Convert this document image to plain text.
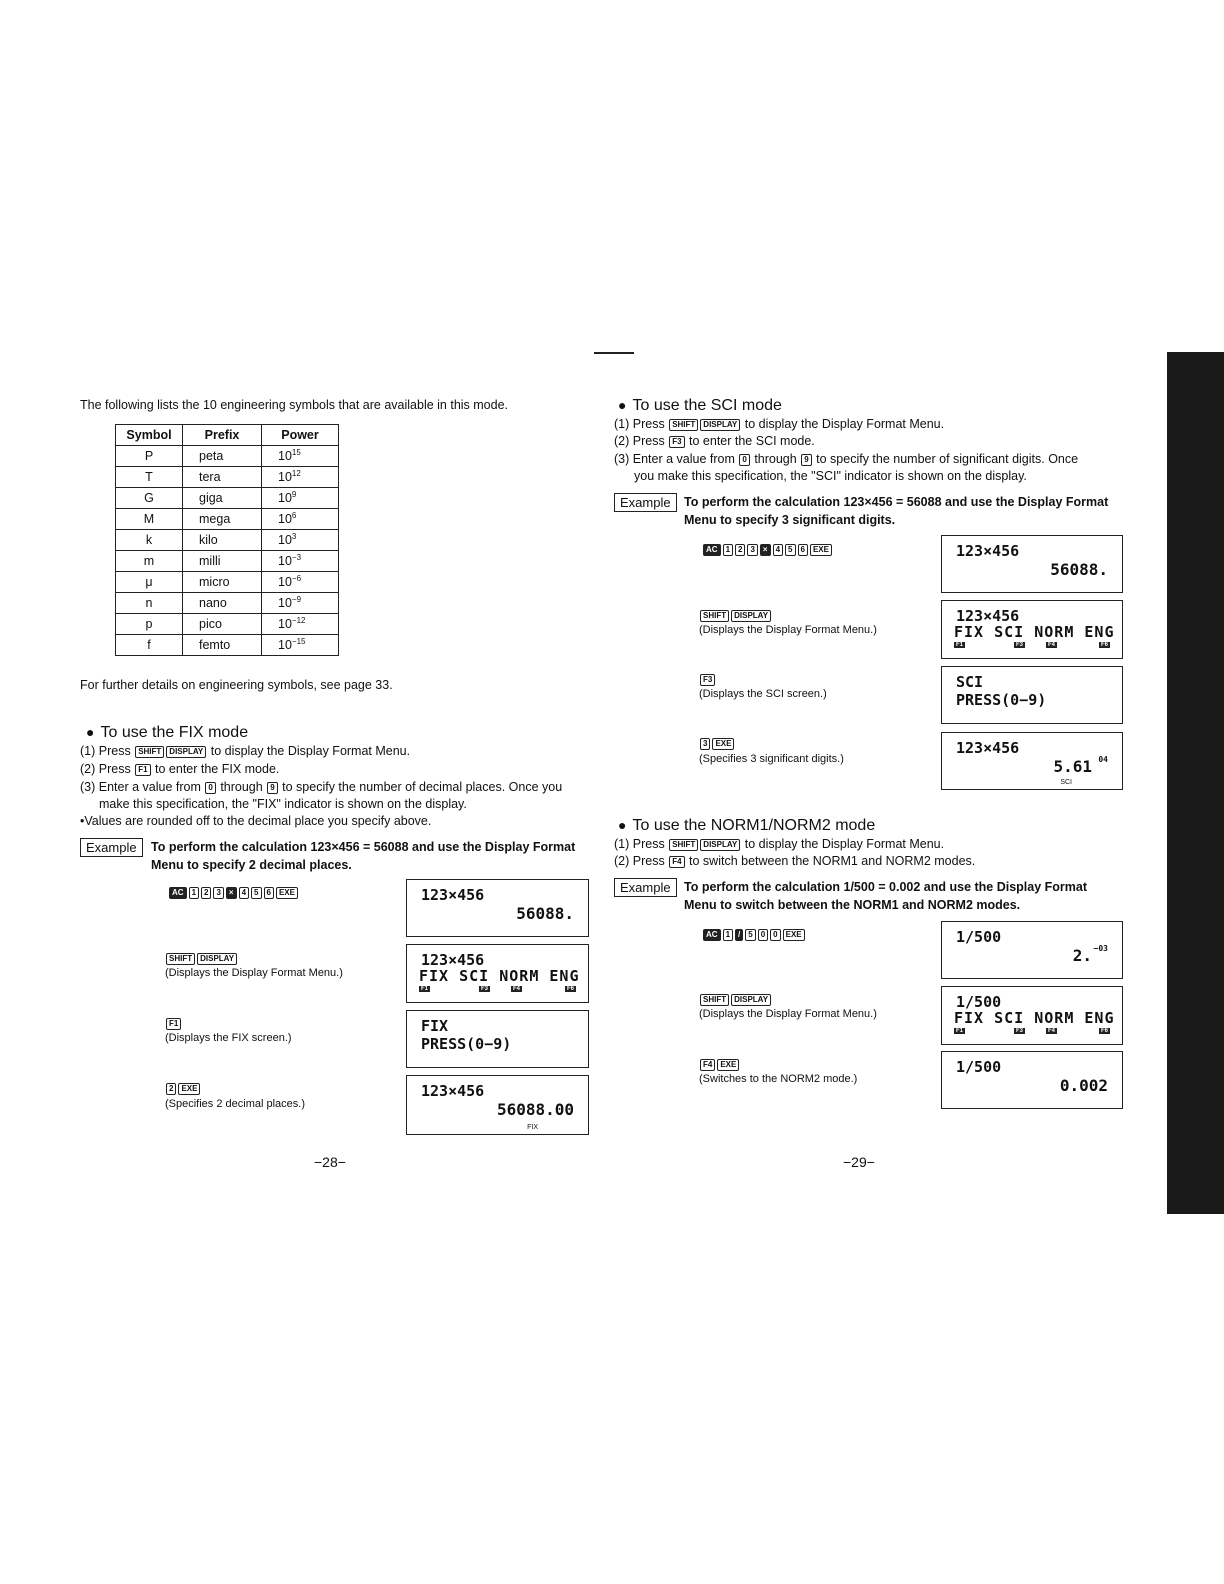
The following lists the 10 engineering symbols that are available in this mode.
Symbol	Prefix	Power
P	peta	$10^{15}$
T	tera	$10^{12}$
G	giga	$10^9$
M	mega	$10^6$
k	kilo	$10^3$
m	milli	$10^{-3}$
μ	micro	$10^{-6}$
n	nano	$10^{-9}$
p	pico	$10^{-12}$
f	femto	$10^{-15}$
For further details on engineering symbols, see page 33.
● To use the FIX mode
(1) Press SHIFT DISPLAY to display the Display Format Menu.
(2) Press F1 to enter the FIX mode.
(3) Enter a value from 0 through 9 to specify the number of decimal places. Once you
make this specification, the "FIX" indicator is shown on the display.
•Values are rounded off to the decimal place you specify above.
Example	To perform the calculation 123×456 = 56088 and use the Display Format
Menu to specify 2 decimal places.
AC 1 2 3 × 4 5 6 EXE	123×456
56088.
SHIFT DISPLAY
(Displays the Display Format Menu.)
123×456
FIX SCI NORM ENG
F1	F3	F4	F6
F1
(Displays the FIX screen.)
FIX
PRESS(0−9)
2 EXE
(Specifies 2 decimal places.)
123×456
56088.00
FIX
−28−
● To use the SCI mode
(1) Press SHIFT DISPLAY to display the Display Format Menu.
(2) Press F3 to enter the SCI mode.
(3) Enter a value from 0 through 9 to specify the number of significant digits. Once
you make this specification, the "SCI" indicator is shown on the display.
Example	To perform the calculation 123×456 = 56088 and use the Display Format
Menu to specify 3 significant digits.
AC 1 2 3 × 4 5 6 EXE	123×456
56088.
SHIFT DISPLAY
(Displays the Display Format Menu.)
123×456
FIX SCI NORM ENG
F1	F3	F4	F6
F3
(Displays the SCI screen.)
SCI
PRESS(0−9)
3 EXE
(Specifies 3 significant digits.)
123×456
5.61 04
SCI
● To use the NORM1/NORM2 mode
(1) Press SHIFT DISPLAY to display the Display Format Menu.
(2) Press F4 to switch between the NORM1 and NORM2 modes.
Example	To perform the calculation 1/500 = 0.002 and use the Display Format
Menu to switch between the NORM1 and NORM2 modes.
AC 1 / 5 0 0 EXE	1/500
2. −03
SHIFT DISPLAY
(Displays the Display Format Menu.)
1/500
FIX SCI NORM ENG
F1	F3	F4	F6
F4 EXE
(Switches to the NORM2 mode.)
1/500
0.002
−29−
